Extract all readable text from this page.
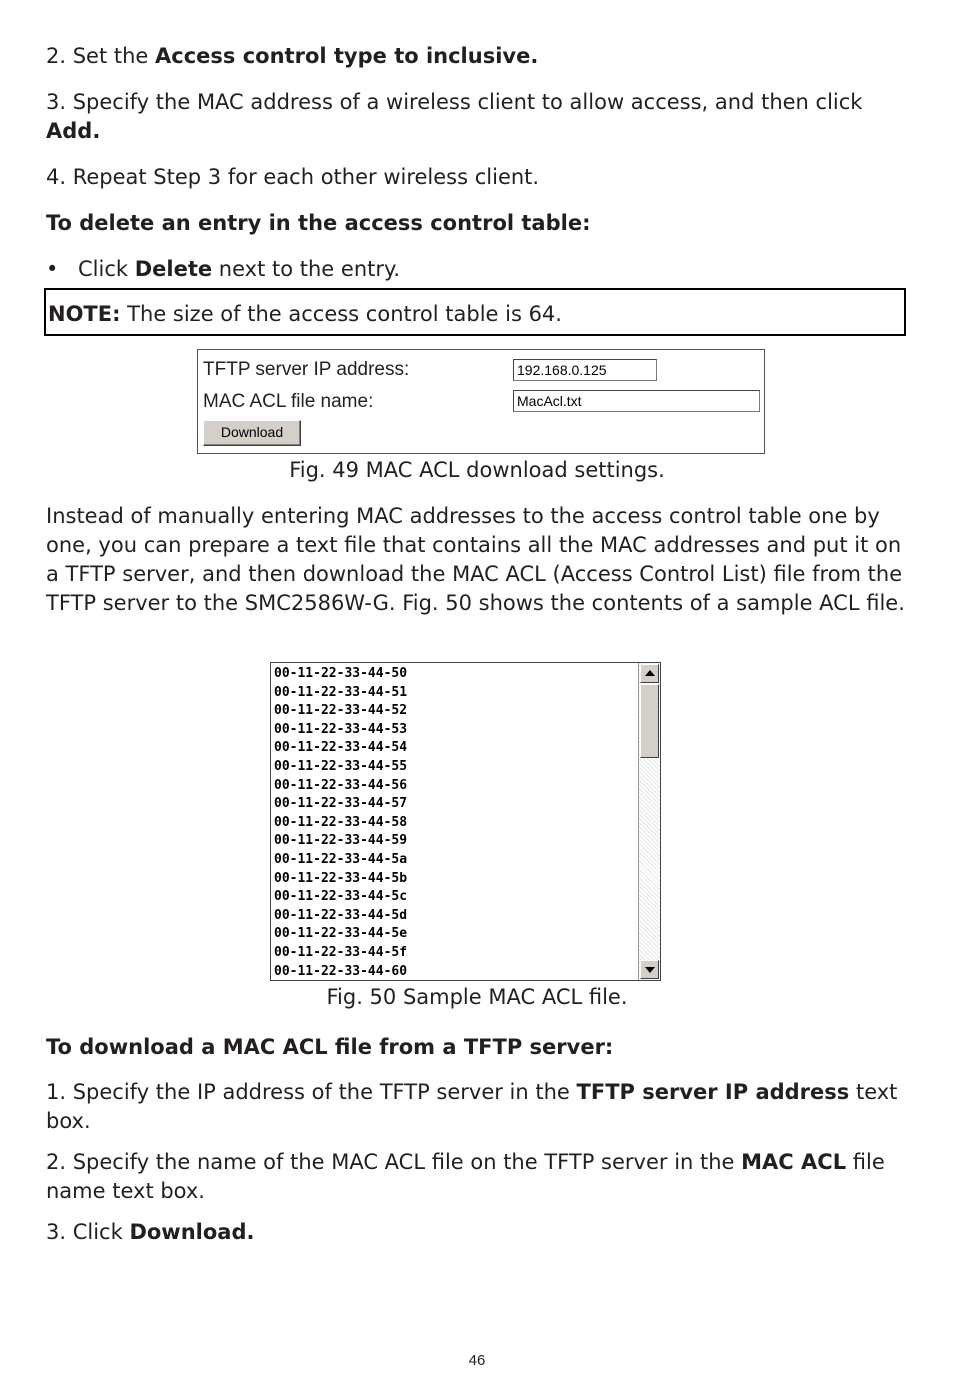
2. Set the Access control type to inclusive.

3. Specify the MAC address of a wireless client to allow access, and then click Add.

4. Repeat Step 3 for each other wireless client.

To delete an entry in the access control table:

• Click Delete next to the entry.

NOTE: The size of the access control table is 64.

TFTP server IP address:	192.168.0.125
MAC ACL file name:	MacAcl.txt
Download
Fig. 49 MAC ACL download settings.

Instead of manually entering MAC addresses to the access control table one by one, you can prepare a text file that contains all the MAC addresses and put it on a TFTP server, and then download the MAC ACL (Access Control List) file from the TFTP server to the SMC2586W-G. Fig. 50 shows the contents of a sample ACL file.

00-11-22-33-44-50
00-11-22-33-44-51
00-11-22-33-44-52
00-11-22-33-44-53
00-11-22-33-44-54
00-11-22-33-44-55
00-11-22-33-44-56
00-11-22-33-44-57
00-11-22-33-44-58
00-11-22-33-44-59
00-11-22-33-44-5a
00-11-22-33-44-5b
00-11-22-33-44-5c
00-11-22-33-44-5d
00-11-22-33-44-5e
00-11-22-33-44-5f
00-11-22-33-44-60
Fig. 50 Sample MAC ACL file.

To download a MAC ACL file from a TFTP server:

1. Specify the IP address of the TFTP server in the TFTP server IP address text box.

2. Specify the name of the MAC ACL file on the TFTP server in the MAC ACL file name text box.

3. Click Download.

46
